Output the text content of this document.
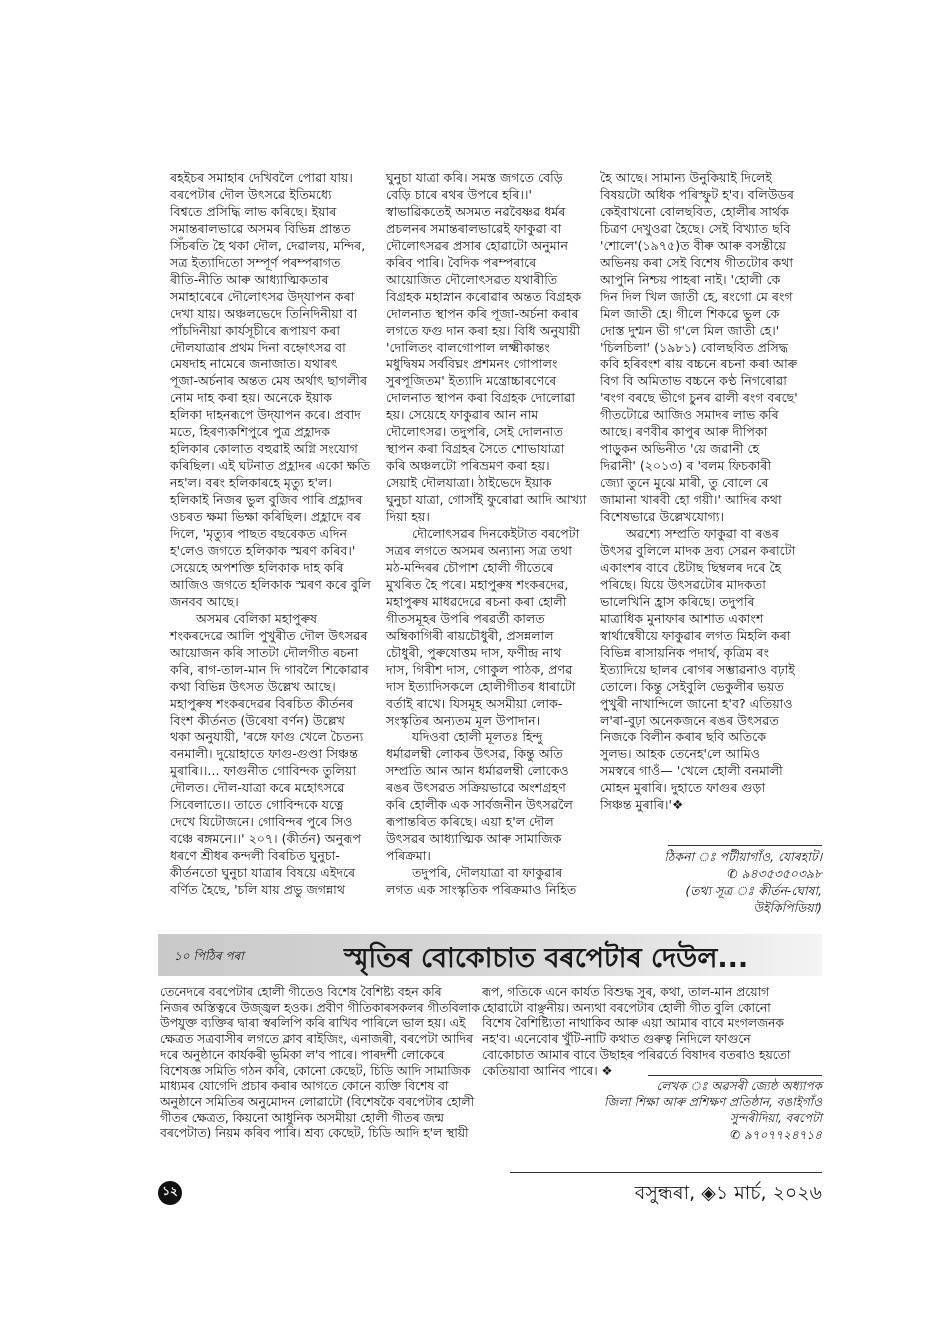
ৰহইচৰ সমাহাৰ দেখিবলৈ পোৱা যায়।
বৰপেটাৰ দৌল উৎসৱে ইতিমধ্যে
বিশ্বতে প্ৰসিদ্ধি লাভ কৰিছে। ইয়াৰ
সমান্তৰালভাৱে অসমৰ বিভিন্ন প্ৰান্তত
সিঁচৰতি হৈ থকা দৌল, দেৱালয়, মন্দিৰ,
সত্ৰ ইত্যাদিতো সম্পূৰ্ণ পৰম্পৰাগত
ৰীতি-নীতি আৰু আধ্যাত্মিকতাৰ
সমাহাৰেৰে দৌলোৎসৱ উদ্‌যাপন কৰা
দেখা যায়। অঞ্চলভেদে তিনিদিনীয়া বা
পাঁচদিনীয়া কাৰ্যসূচীৰে ৰূপায়ণ কৰা
দৌলযাত্ৰাৰ প্ৰথম দিনা বহ্নোৎসৱ বা
মেষদাহ নামেৰে জনাজাত। যথাৰৎ
পূজা-অৰ্চনাৰ অন্তত মেষ অৰ্থাৎ ছাগলীৰ
নোম দাহ কৰা হয়। অনেকে ইয়াক
হলিকা দাহনৰূপে উদ্‌যাপন কৰে। প্ৰবাদ
মতে, হিৰণ্যকশিপুৰে পুত্ৰ প্ৰহ্লাদক
হলিকাৰ কোলাত বহুৱাই অগ্নি সংযোগ
কৰিছিল। এই ঘটনাত প্ৰহ্লাদৰ একো ক্ষতি
নহ'ল। বৰং হলিকাৰহে মৃত্যু হ'ল।
হলিকাই নিজৰ ভুল বুজিব পাৰি প্ৰহ্লাদৰ
ওচৰত ক্ষমা ভিক্ষা কৰিছিল। প্ৰহ্লাদে বৰ
দিলে, 'মৃত্যুৰ পাছত বছৰেকত এদিন
হ'লেও জগতে হলিকাক স্মৰণ কৰিব।'
সেয়েহে অপশক্তি হলিকাক দাহ কৰি
আজিও জগতে হলিকাক স্মৰণ কৰে বুলি
জনবব আছে।
অসমৰ বেলিকা মহাপুৰুষ
শংকৰদেৱে আলি পুখুৰীত দৌল উৎসৱৰ
আয়োজন কৰি সাতটা দৌলগীত ৰচনা
কৰি, ৰাগ-তাল-মান দি গাবলৈ শিকোৱাৰ
কথা বিভিন্ন উৎসত উল্লেখ আছে।
মহাপুৰুষ শংকৰদেৱৰ বিৰচিত কীৰ্তনৰ
বিংশ কীৰ্তনত (উৰেষা বৰ্ণন) উল্লেখ
থকা অনুযায়ী, 'ৰঙ্গে ফাগু খেলে চৈতন্য
বনমালী। দুয়োহাতে ফাগু-গুণ্ডা সিঞ্চন্ত
মুৰাৰি।।... ফাগুনীত গোবিন্দক তুলিয়া
দৌলত। দৌল-যাত্ৰা কৰে মহোৎসৱে
সিবেলাতে।। তাতে গোবিন্দকে যত্নে
দেখে যিটোজনে। গোবিন্দৰ পুৰে সিও
বঞ্চে ৰঙ্গমনে।।' ২০৭। (কীৰ্তন) অনুৰূপ
ধৰণে শ্ৰীধৰ কন্দলী বিৰচিত ঘুনুচা-
কীৰ্তনতো ঘুনুচা যাত্ৰাৰ বিষয়ে এইদৰে
বৰ্ণিত হৈছে, 'চলি যায় প্ৰভু জগন্নাথ
ঘুনুচা যাত্ৰা কৰি। সমস্ত জগতে বেড়ি
বেড়ি চাৰে ৰথৰ উপৰে হৰি।।'
স্বাভাৱিকতেই অসমত নৱবৈষ্ণৱ ধৰ্মৰ
প্ৰচলনৰ সমান্তৰালভাৱেই ফাকুৱা বা
দৌলোৎসৱৰ প্ৰসাৰ হোৱাটো অনুমান
কৰিব পাৰি। বৈদিক পৰম্পৰাৰে
আয়োজিত দৌলোৎসৱত যথাৰীতি
বিগ্ৰহক মহাস্নান কৰোৱাৰ অন্তত বিগ্ৰহক
দোলনাত স্থাপন কৰি পূজা-অৰ্চনা কৰাৰ
লগতে ফগু দান কৰা হয়। বিধি অনুযায়ী
'দোলিতং বালগোপাল লক্ষ্মীকান্তং
মধুদ্বিষম সৰ্ববিঘ্নং প্ৰশমনং গোপালং
সুৰপূজিতম' ইত্যাদি মন্ত্ৰোচ্চাৰণেৰে
দোলনাত স্থাপন কৰা বিগ্ৰহক দোলোৱা
হয়। সেয়েহে ফাকুৱাৰ আন নাম
দৌলোৎসৱ। তদুপৰি, সেই দোলনাত
স্থাপন কৰা বিগ্ৰহৰ সৈতে শোভাযাত্ৰা
কৰি অঞ্চলটো পৰিভ্ৰমণ কৰা হয়।
সেয়াই দৌলযাত্ৰা। ঠাইভেদে ইয়াক
ঘুনুচা যাত্ৰা, গোসাঁই ফুৰোৱা আদি আখ্যা
দিয়া হয়।
দৌলোৎসৱৰ দিনকেইটাত বৰপেটা
সত্ৰৰ লগতে অসমৰ অন্যান্য সত্ৰ তথা
মঠ-মন্দিৰৰ চৌপাশ হোলী গীতেৰে
মুখৰিত হৈ পৰে। মহাপুৰুষ শংকৰদেৱ,
মহাপুৰুষ মাধৱদেৱে ৰচনা কৰা হোলী
গীতসমূহৰ উপৰি পৰৱৰ্তী কালত
অম্বিকাগিৰী ৰায়চৌধুৰী, প্ৰসন্নলাল
চৌধুৰী, পুৰুষোত্তম দাস, ফণীন্দ্ৰ নাথ
দাস, গিৰীশ দাস, গোকুল পাঠক, প্ৰণৱ
দাস ইত্যাদিসকলে হোলীগীতৰ ধাৰাটো
বৰ্তাই ৰাখে। যিসমূহ অসমীয়া লোক-
সংস্কৃতিৰ অন্যতম মূল উপাদান।
যদিওবা হোলী মূলতঃ হিন্দু
ধৰ্মাৱলম্বী লোকৰ উৎসৱ, কিন্তু অতি
সম্প্ৰতি আন আন ধৰ্মাৱলম্বী লোকেও
ৰঙৰ উৎসৱত সক্ৰিয়ভাৱে অংশগ্ৰহণ
কৰি হোলীক এক সাৰ্বজনীন উৎসৱলৈ
ৰূপান্তৰিত কৰিছে। এয়া হ'ল দৌল
উৎসৱৰ আধ্যাত্মিক আৰু সামাজিক
পৰিক্ৰমা।
তদুপৰি, দৌলযাত্ৰা বা ফাকুৱাৰ
লগত এক সাংস্কৃতিক পৰিক্ৰমাও নিহিত
হৈ আছে। সামান্য উনুকিয়াই দিলেই
বিষয়টো অধিক পৰিস্ফুট হ'ব। বলিউডৰ
কেইবাখনো বোলছবিত, হোলীৰ সাৰ্থক
চিত্ৰণ দেখুওৱা হৈছে। সেই বিখ্যাত ছবি
'শোলে'(১৯৭৫)ত বীৰু আৰু বসন্তীয়ে
অভিনয় কৰা সেই বিশেষ গীতটোৰ কথা
আপুনি নিশ্চয় পাহৰা নাই। 'হোলী কে
দিন দিল খিল জাতী হে, ৰংগো মে ৰংগ
মিল জাতী হে। গীলে শিকৱে ভুল কে
দোস্ত দুশ্মন ভী গ'লে মিল জাতী হে।'
'চিলচিলা' (১৯৮১) বোলছবিত প্ৰসিদ্ধ
কবি হৰিবংশ ৰায় বচ্চনে ৰচনা কৰা আৰু
বিগ বি অমিতাভ বচ্চনে কণ্ঠ নিগৰোৱা
'ৰংগ বৰছে ভীগে চুনৰ ৱালী ৰংগ বৰছে'
গীতটোৱে আজিও সমাদৰ লাভ কৰি
আছে। ৰণবীৰ কাপুৰ আৰু দীপিকা
পাড়ুকন অভিনীত 'য়ে জৱানী হে
দিৱানী' (২০১৩) ৰ 'বলম ফিচকাৰী
জ্যো তুনে মুঝে মাৰী, তু বোলে ৰে
জামানা খাৰবী হো গয়ী।' আদিৰ কথা
বিশেষভাৱে উল্লেখযোগ্য।
অৱশ্যে সম্প্ৰতি ফাকুৱা বা ৰঙৰ
উৎসৱ বুলিলে মাদক দ্ৰব্য সেৱন কৰাটো
একাংশৰ বাবে ষ্টেটাছ ছিম্বলৰ দৰে হৈ
পৰিছে। যিয়ে উৎসৱটোৰ মাদকতা
ভালেখিনি হ্ৰাস কৰিছে। তদুপৰি
মাত্ৰাধিক মুনাফাৰ আশাত একাংশ
স্বাৰ্থান্বেষীয়ে ফাকুৱাৰ লগত মিহলি কৰা
বিভিন্ন ৰাসায়নিক পদাৰ্থ, কৃত্ৰিম ৰং
ইত্যাদিয়ে ছালৰ ৰোগৰ সম্ভাৱনাও বঢ়াই
তোলে। কিন্তু সেইবুলি ভেকুলীৰ ভয়ত
পুখুৰী নাখান্দিলে জানো হ'ব? এতিয়াও
ল'ৰা-বুঢ়া অনেকজনে ৰঙৰ উৎসৱত
নিজকে বিলীন কৰাৰ ছবি অতিকে
সুলভ। আহক তেনেহ'লে আমিও
সমস্বৰে গাওঁ— 'খেলে হোলী বনমালী
মোহন মুৰাৰি। দুহাতে ফাগুৰ গুড়া
সিঞ্চন্ত মুৰাৰি।'❖
ঠিকনা ঃ পটীয়াগাঁও, যোৰহাট।
✆ ৯৪৩৫৩৫০৩৯৮
(তথ্য সূত্ৰ ঃ কীৰ্তন-ঘোষা,
উইকিপিডিয়া)
১০ পিঠিৰ পৰা	স্মৃতিৰ বোকোচাত বৰপেটাৰ দেউল...
তেনেদৰে বৰপেটাৰ হোলী গীতেও বিশেষ বৈশিষ্ট্য বহন কৰি
নিজৰ অস্তিত্বৰে উজ্জ্বল হওক। প্ৰবীণ গীতিকাৰসকলৰ গীতবিলাক
উপযুক্ত ব্যক্তিৰ দ্বাৰা স্বৰলিপি কৰি ৰাখিব পাৰিলে ভাল হয়। এই
ক্ষেত্ৰত সত্ৰবাসীৰ লগতে ক্লাব ৰাইজিং, এনাজৰী, বৰপেটা আদিৰ
দৰে অনুষ্ঠানে কাৰ্যকৰী ভূমিকা ল'ব পাৰে। পাৰদৰ্শী লোকেৰে
বিশেষজ্ঞ সমিতি গঠন কৰি, কোনো কেছেট, চিডি আদি সামাজিক
মাধ্যমৰ যোগেদি প্ৰচাৰ কৰাৰ আগতে কোনে ব্যক্তি বিশেষ বা
অনুষ্ঠানে সমিতিৰ অনুমোদন লোৱাটো (বিশেষকৈ বৰপেটাৰ হোলী
গীতৰ ক্ষেত্ৰত, কিয়নো আধুনিক অসমীয়া হোলী গীতৰ জন্ম
বৰপেটাত) নিয়ম কৰিব পাৰি। শ্ৰব্য কেছেট, চিডি আদি হ'ল স্থায়ী
ৰূপ, গতিকে এনে কাৰ্যত বিশুদ্ধ সুৰ, কথা, তাল-মান প্ৰয়োগ
হোৱাটো বাঞ্ছনীয়। অন্যথা বৰপেটাৰ হোলী গীত বুলি কোনো
বিশেষ বৈশিষ্ট্যিতা নাথাকিব আৰু এয়া আমাৰ বাবে মংগলজনক
নহ'ব। এনেবোৰ খুঁটি-নাটি কথাত গুৰুত্ব নিদিলে ফাগুনে
বোকোচাত আমাৰ বাবে উছাহৰ পৰিৱৰ্তে বিষাদৰ বতৰাও হয়তো
কেতিয়াবা আনিব পাৰে। ❖
লেখক ঃ অৱসৰী জ্যেষ্ঠ অধ্যাপক
জিলা শিক্ষা আৰু প্ৰশিক্ষণ প্ৰতিষ্ঠান, বঙাইগাঁও
সুন্দৰীদিয়া, বৰপেটা
✆ ৯৭০৭৭২৪৭১৪
১২	বসুন্ধৰা, ◈১ মাৰ্চ, ২০২৬
